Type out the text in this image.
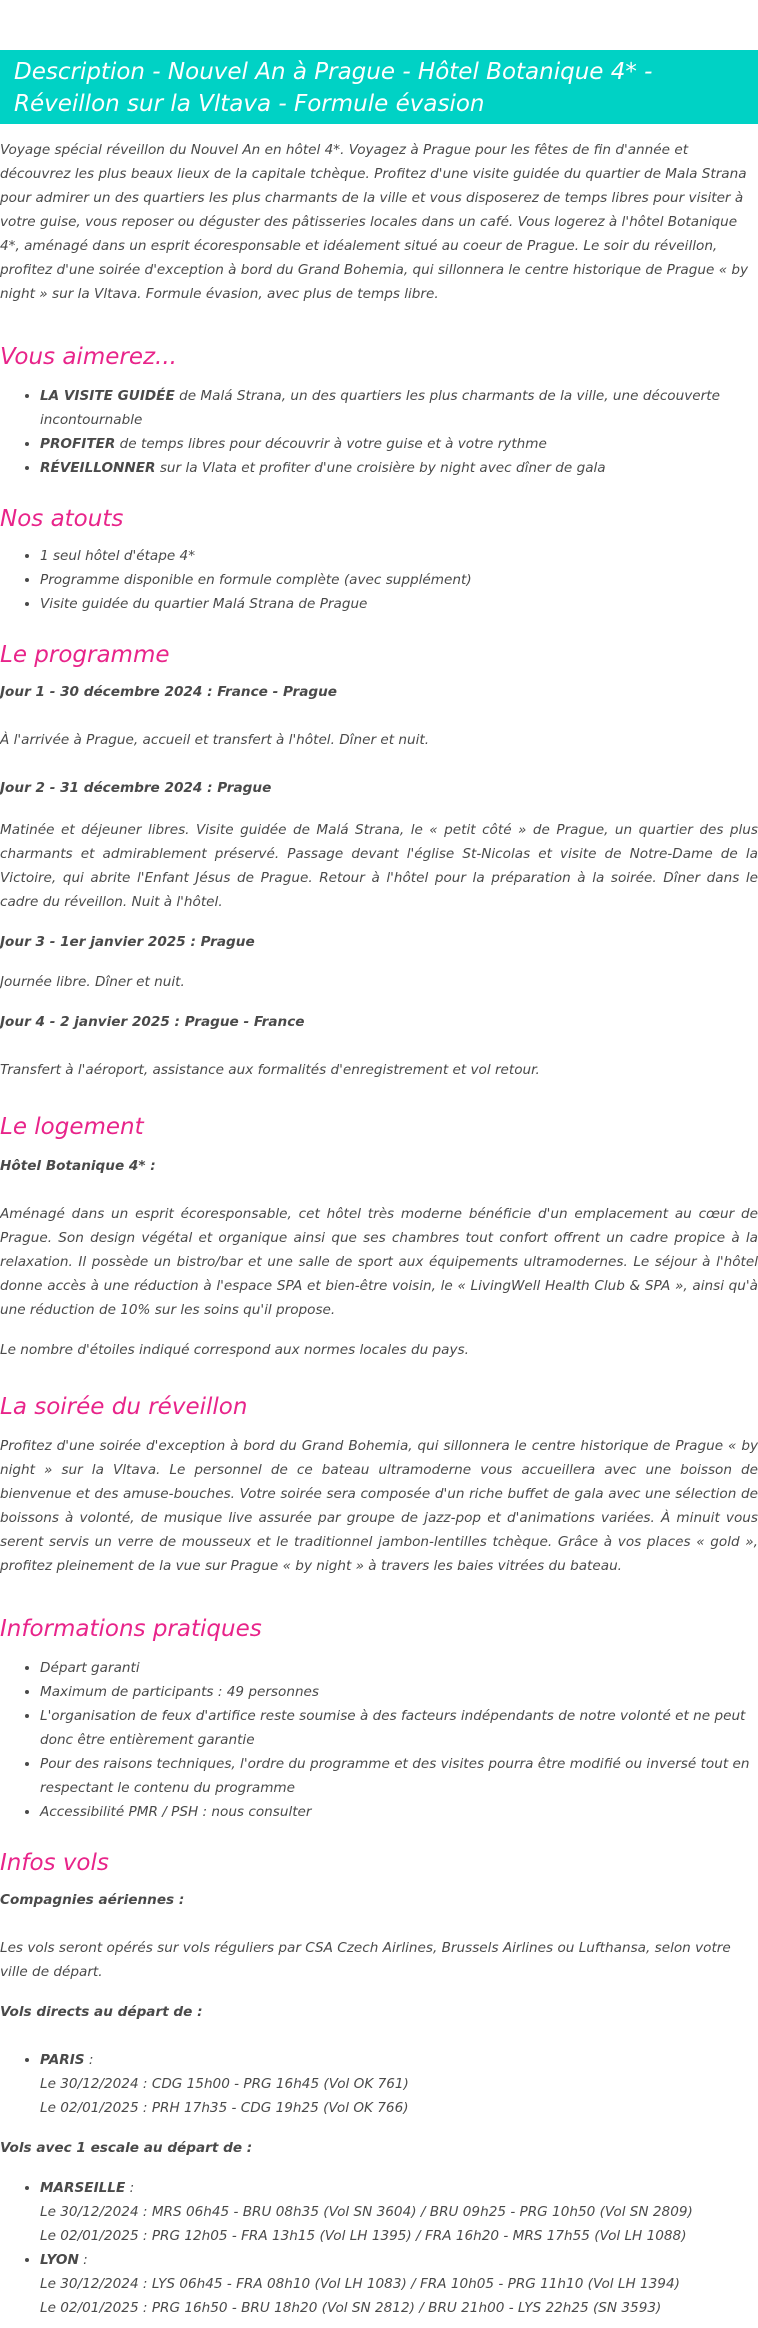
Description - Nouvel An à Prague - Hôtel Botanique 4* - Réveillon sur la Vltava - Formule évasion

Voyage spécial réveillon du Nouvel An en hôtel 4*. Voyagez à Prague pour les fêtes de fin d'année et découvrez les plus beaux lieux de la capitale tchèque. Profitez d'une visite guidée du quartier de Mala Strana pour admirer un des quartiers les plus charmants de la ville et vous disposerez de temps libres pour visiter à votre guise, vous reposer ou déguster des pâtisseries locales dans un café. Vous logerez à l'hôtel Botanique 4*, aménagé dans un esprit écoresponsable et idéalement situé au coeur de Prague. Le soir du réveillon, profitez d'une soirée d'exception à bord du Grand Bohemia, qui sillonnera le centre historique de Prague « by night » sur la Vltava. Formule évasion, avec plus de temps libre.

Vous aimerez...
• LA VISITE GUIDÉE de Malá Strana, un des quartiers les plus charmants de la ville, une découverte incontournable
• PROFITER de temps libres pour découvrir à votre guise et à votre rythme
• RÉVEILLONNER sur la Vlata et profiter d'une croisière by night avec dîner de gala
Nos atouts
• 1 seul hôtel d'étape 4*
• Programme disponible en formule complète (avec supplément)
• Visite guidée du quartier Malá Strana de Prague
Le programme

Jour 1 - 30 décembre 2024 : France - Prague

À l'arrivée à Prague, accueil et transfert à l'hôtel. Dîner et nuit.

Jour 2 - 31 décembre 2024 : Prague

Matinée et déjeuner libres. Visite guidée de Malá Strana, le « petit côté » de Prague, un quartier des plus charmants et admirablement préservé. Passage devant l'église St-Nicolas et visite de Notre-Dame de la Victoire, qui abrite l'Enfant Jésus de Prague. Retour à l'hôtel pour la préparation à la soirée. Dîner dans le cadre du réveillon. Nuit à l'hôtel.

Jour 3 - 1er janvier 2025 : Prague

Journée libre. Dîner et nuit.

Jour 4 - 2 janvier 2025 : Prague - France

Transfert à l'aéroport, assistance aux formalités d'enregistrement et vol retour.

Le logement

Hôtel Botanique 4* :

Aménagé dans un esprit écoresponsable, cet hôtel très moderne bénéficie d'un emplacement au cœur de Prague. Son design végétal et organique ainsi que ses chambres tout confort offrent un cadre propice à la relaxation. Il possède un bistro/bar et une salle de sport aux équipements ultramodernes. Le séjour à l'hôtel donne accès à une réduction à l'espace SPA et bien-être voisin, le « LivingWell Health Club & SPA », ainsi qu'à une réduction de 10% sur les soins qu'il propose.

Le nombre d'étoiles indiqué correspond aux normes locales du pays.

La soirée du réveillon

Profitez d'une soirée d'exception à bord du Grand Bohemia, qui sillonnera le centre historique de Prague « by night » sur la Vltava. Le personnel de ce bateau ultramoderne vous accueillera avec une boisson de bienvenue et des amuse-bouches. Votre soirée sera composée d'un riche buffet de gala avec une sélection de boissons à volonté, de musique live assurée par groupe de jazz-pop et d'animations variées. À minuit vous serent servis un verre de mousseux et le traditionnel jambon-lentilles tchèque. Grâce à vos places « gold », profitez pleinement de la vue sur Prague « by night » à travers les baies vitrées du bateau.

Informations pratiques
• Départ garanti
• Maximum de participants : 49 personnes
• L'organisation de feux d'artifice reste soumise à des facteurs indépendants de notre volonté et ne peut donc être entièrement garantie
• Pour des raisons techniques, l'ordre du programme et des visites pourra être modifié ou inversé tout en respectant le contenu du programme
• Accessibilité PMR / PSH : nous consulter
Infos vols

Compagnies aériennes :

Les vols seront opérés sur vols réguliers par CSA Czech Airlines, Brussels Airlines ou Lufthansa, selon votre ville de départ.

Vols directs au départ de :

• PARIS :
Le 30/12/2024 : CDG 15h00 - PRG 16h45 (Vol OK 761)
Le 02/01/2025 : PRH 17h35 - CDG 19h25 (Vol OK 766)

Vols avec 1 escale au départ de :

• MARSEILLE :
Le 30/12/2024 : MRS 06h45 - BRU 08h35 (Vol SN 3604) / BRU 09h25 - PRG 10h50 (Vol SN 2809)
Le 02/01/2025 : PRG 12h05 - FRA 13h15 (Vol LH 1395) / FRA 16h20 - MRS 17h55 (Vol LH 1088)
• LYON :
Le 30/12/2024 : LYS 06h45 - FRA 08h10 (Vol LH 1083) / FRA 10h05 - PRG 11h10 (Vol LH 1394)
Le 02/01/2025 : PRG 16h50 - BRU 18h20 (Vol SN 2812) / BRU 21h00 - LYS 22h25 (SN 3593)
